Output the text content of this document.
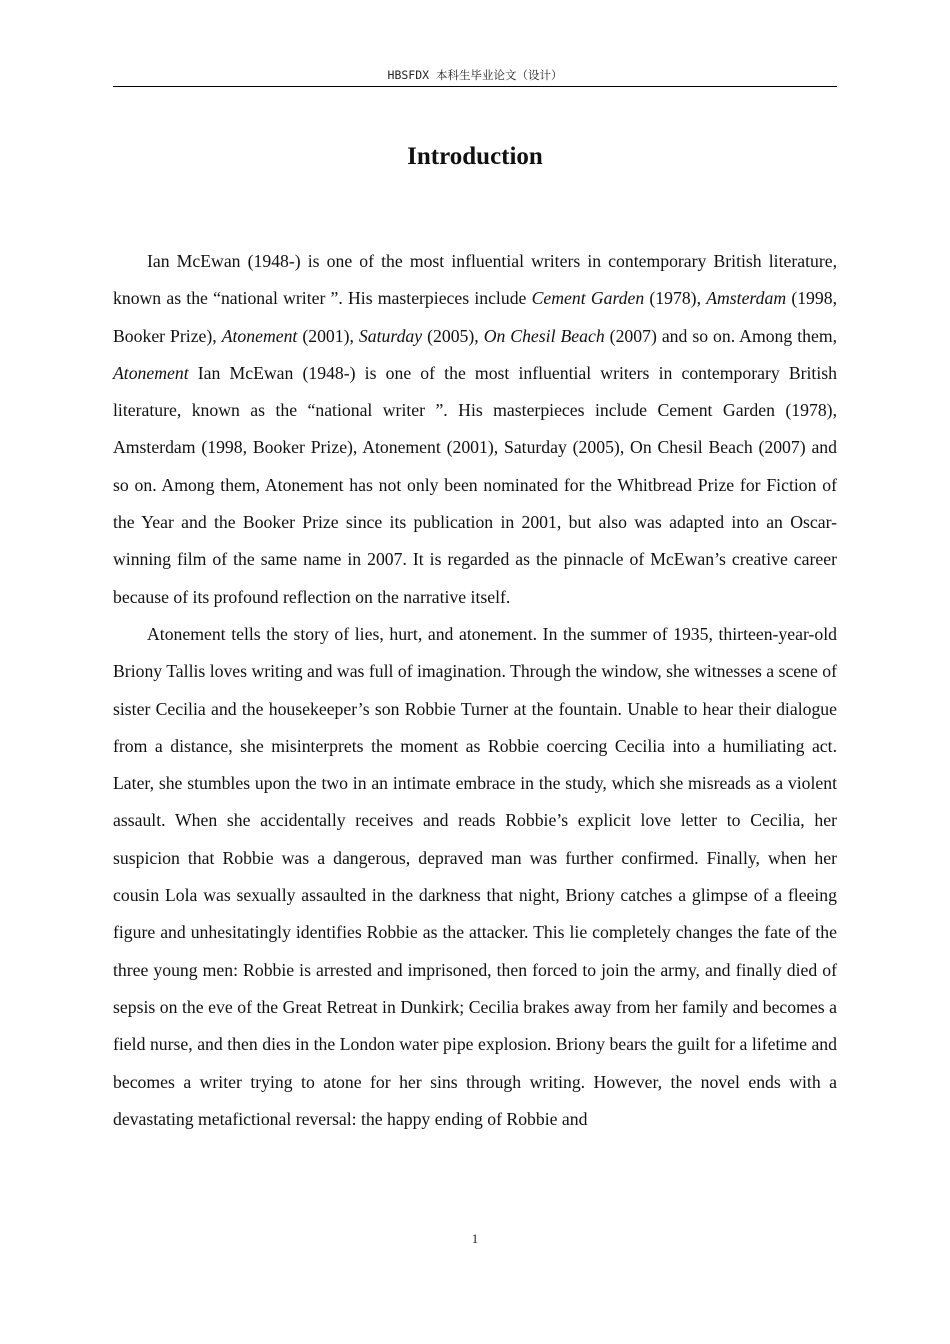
HBSFDX 本科生毕业论文（设计）
Introduction

Ian McEwan (1948-) is one of the most influential writers in contemporary British literature, known as the “national writer ”. His masterpieces include Cement Garden (1978), Amsterdam (1998, Booker Prize), Atonement (2001), Saturday (2005), On Chesil Beach (2007) and so on. Among them, Atonement Ian McEwan (1948-) is one of the most influential writers in contemporary British literature, known as the “national writer ”. His masterpieces include Cement Garden (1978), Amsterdam (1998, Booker Prize), Atonement (2001), Saturday (2005), On Chesil Beach (2007) and so on. Among them, Atonement has not only been nominated for the Whitbread Prize for Fiction of the Year and the Booker Prize since its publication in 2001, but also was adapted into an Oscar-winning film of the same name in 2007. It is regarded as the pinnacle of McEwan’s creative career because of its profound reflection on the narrative itself.

Atonement tells the story of lies, hurt, and atonement. In the summer of 1935, thirteen-year-old Briony Tallis loves writing and was full of imagination. Through the window, she witnesses a scene of sister Cecilia and the housekeeper’s son Robbie Turner at the fountain. Unable to hear their dialogue from a distance, she misinterprets the moment as Robbie coercing Cecilia into a humiliating act. Later, she stumbles upon the two in an intimate embrace in the study, which she misreads as a violent assault. When she accidentally receives and reads Robbie’s explicit love letter to Cecilia, her suspicion that Robbie was a dangerous, depraved man was further confirmed. Finally, when her cousin Lola was sexually assaulted in the darkness that night, Briony catches a glimpse of a fleeing figure and unhesitatingly identifies Robbie as the attacker. This lie completely changes the fate of the three young men: Robbie is arrested and imprisoned, then forced to join the army, and finally died of sepsis on the eve of the Great Retreat in Dunkirk; Cecilia brakes away from her family and becomes a field nurse, and then dies in the London water pipe explosion. Briony bears the guilt for a lifetime and becomes a writer trying to atone for her sins through writing. However, the novel ends with a devastating metafictional reversal: the happy ending of Robbie and

1
